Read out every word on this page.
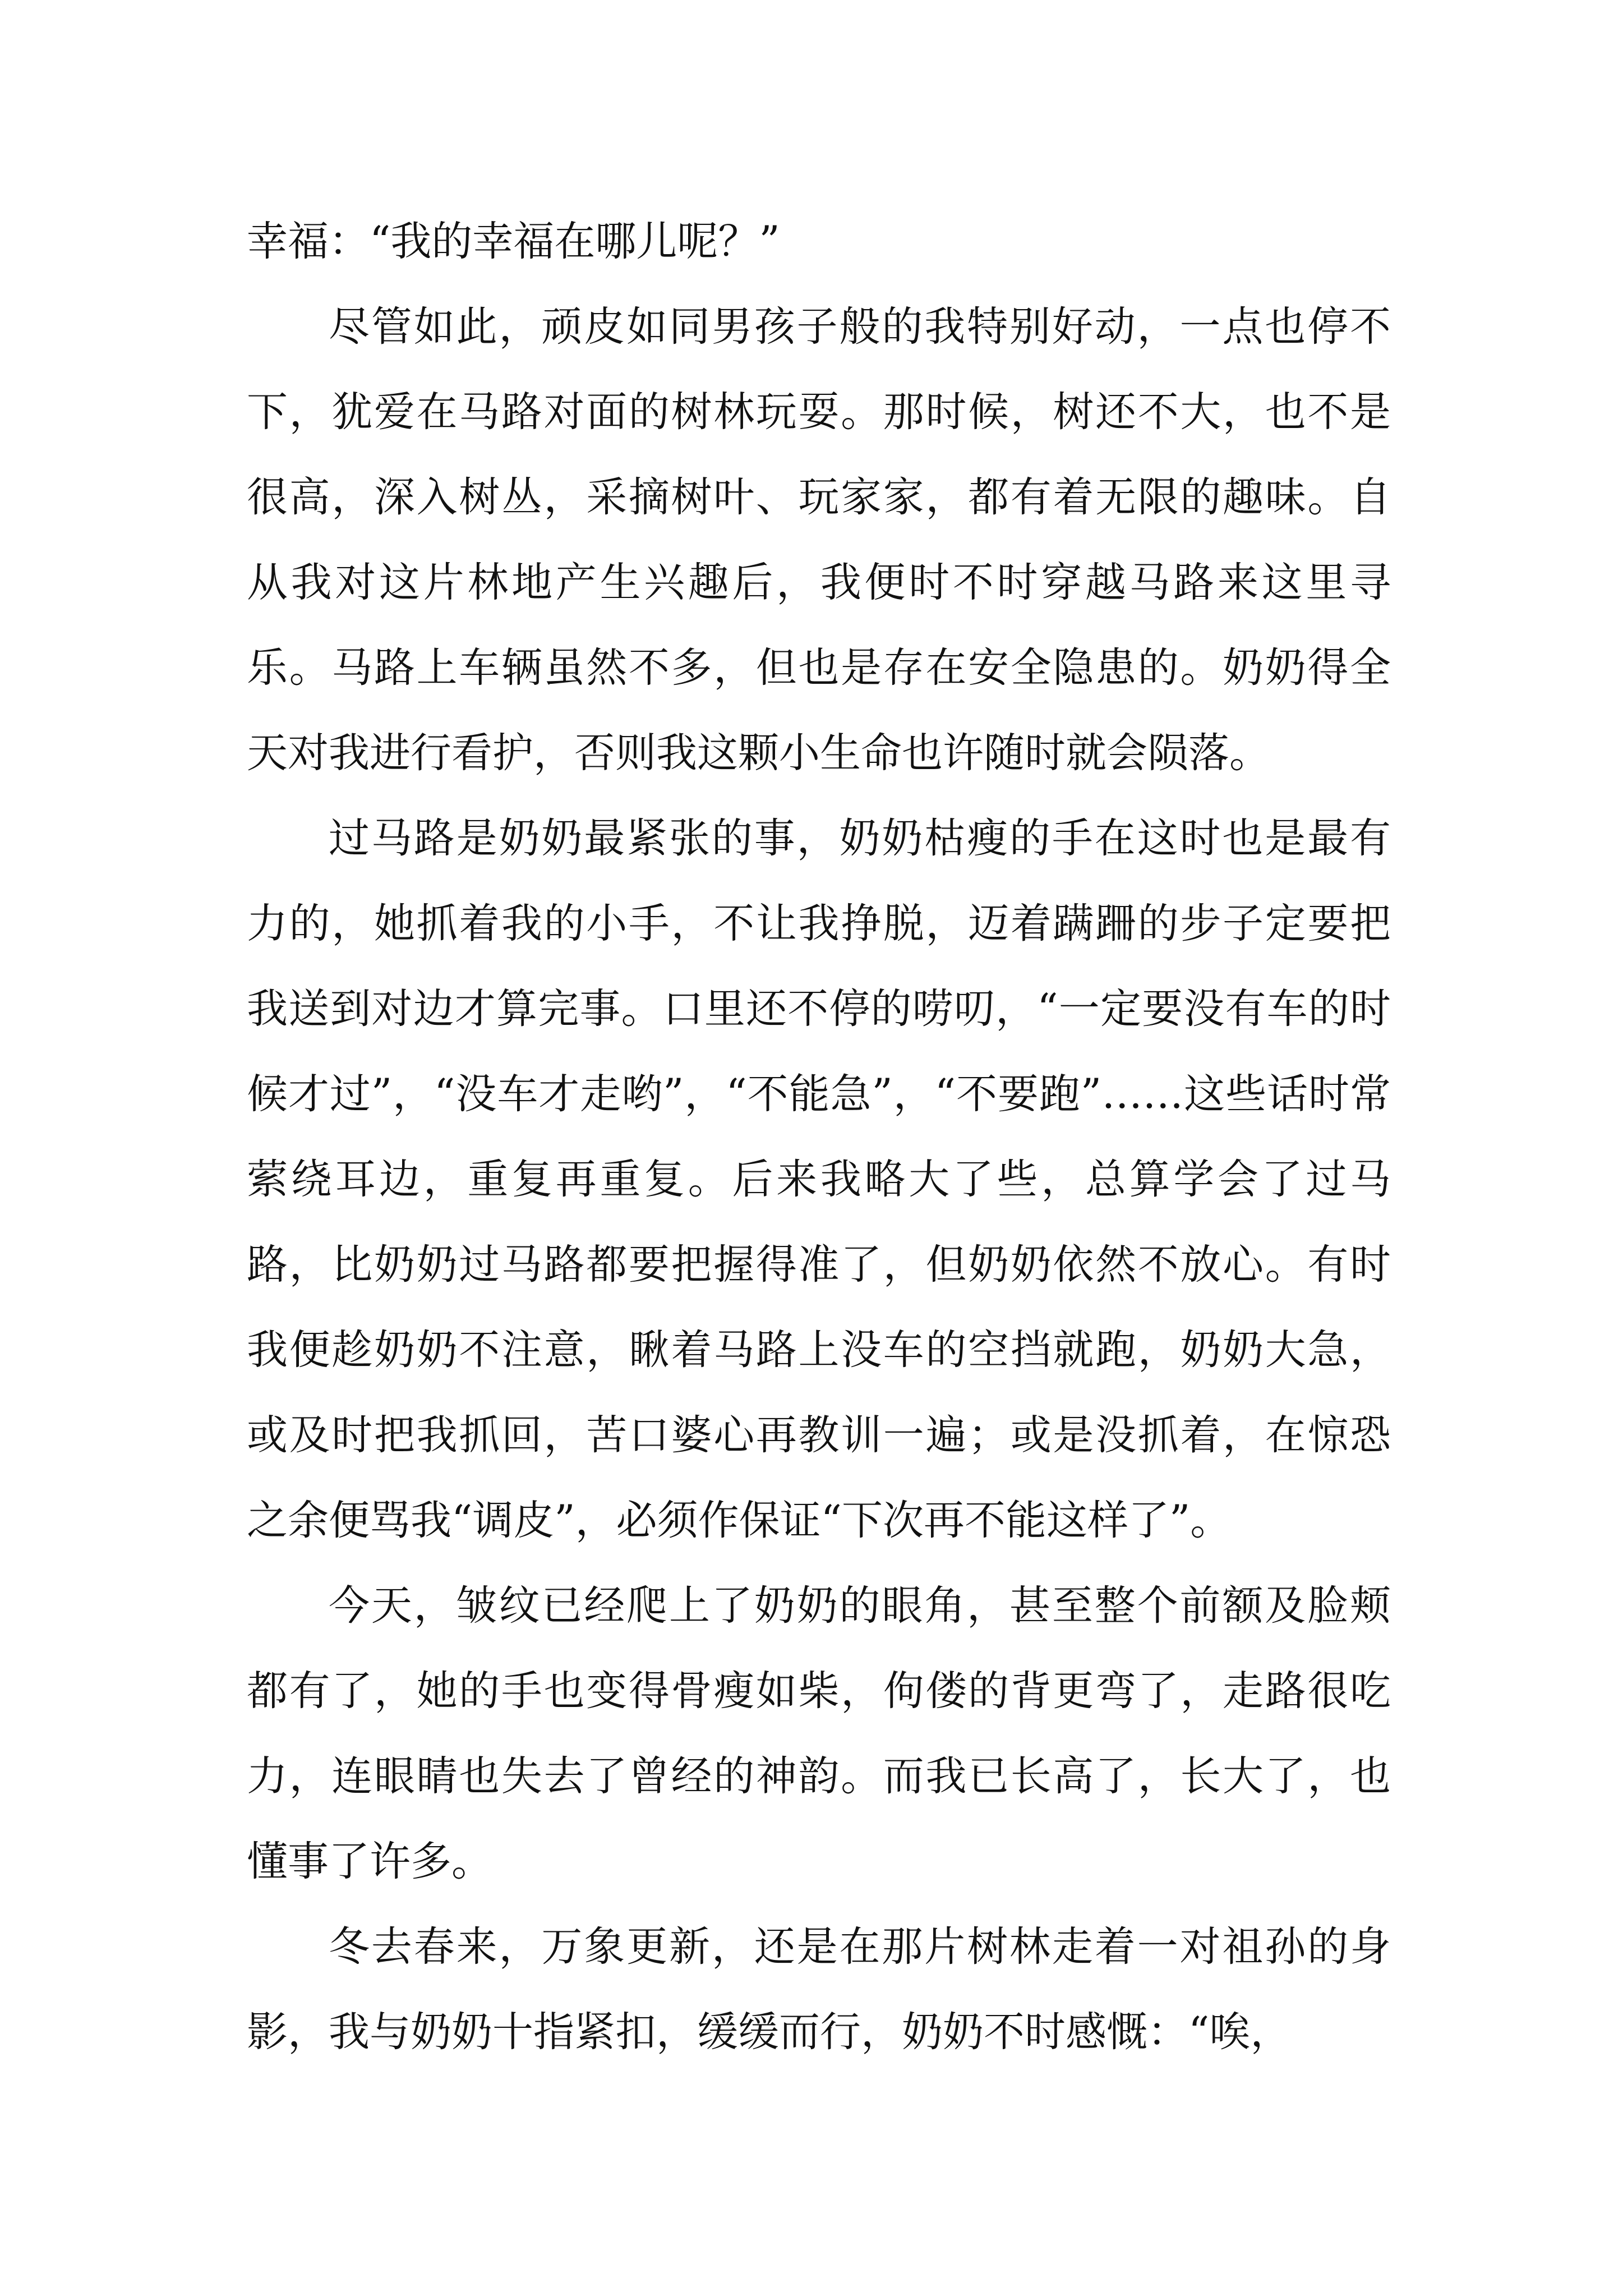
幸福：“我的幸福在哪儿呢？”

尽管如此，顽皮如同男孩子般的我特别好动，一点也停不下，犹爱在马路对面的树林玩耍。那时候，树还不大，也不是很高，深入树丛，采摘树叶、玩家家，都有着无限的趣味。自从我对这片林地产生兴趣后，我便时不时穿越马路来这里寻乐。马路上车辆虽然不多，但也是存在安全隐患的。奶奶得全天对我进行看护，否则我这颗小生命也许随时就会陨落。

过马路是奶奶最紧张的事，奶奶枯瘦的手在这时也是最有力的，她抓着我的小手，不让我挣脱，迈着蹒跚的步子定要把我送到对边才算完事。口里还不停的唠叨，“一定要没有车的时候才过”，“没车才走哟”，“不能急”，“不要跑”……这些话时常萦绕耳边，重复再重复。后来我略大了些，总算学会了过马路，比奶奶过马路都要把握得准了，但奶奶依然不放心。有时我便趁奶奶不注意，瞅着马路上没车的空挡就跑，奶奶大急，或及时把我抓回，苦口婆心再教训一遍；或是没抓着，在惊恐之余便骂我“调皮”，必须作保证“下次再不能这样了”。

今天，皱纹已经爬上了奶奶的眼角，甚至整个前额及脸颊都有了，她的手也变得骨瘦如柴，佝偻的背更弯了，走路很吃力，连眼睛也失去了曾经的神韵。而我已长高了，长大了，也懂事了许多。

冬去春来，万象更新，还是在那片树林走着一对祖孙的身影，我与奶奶十指紧扣，缓缓而行，奶奶不时感慨：“唉，
